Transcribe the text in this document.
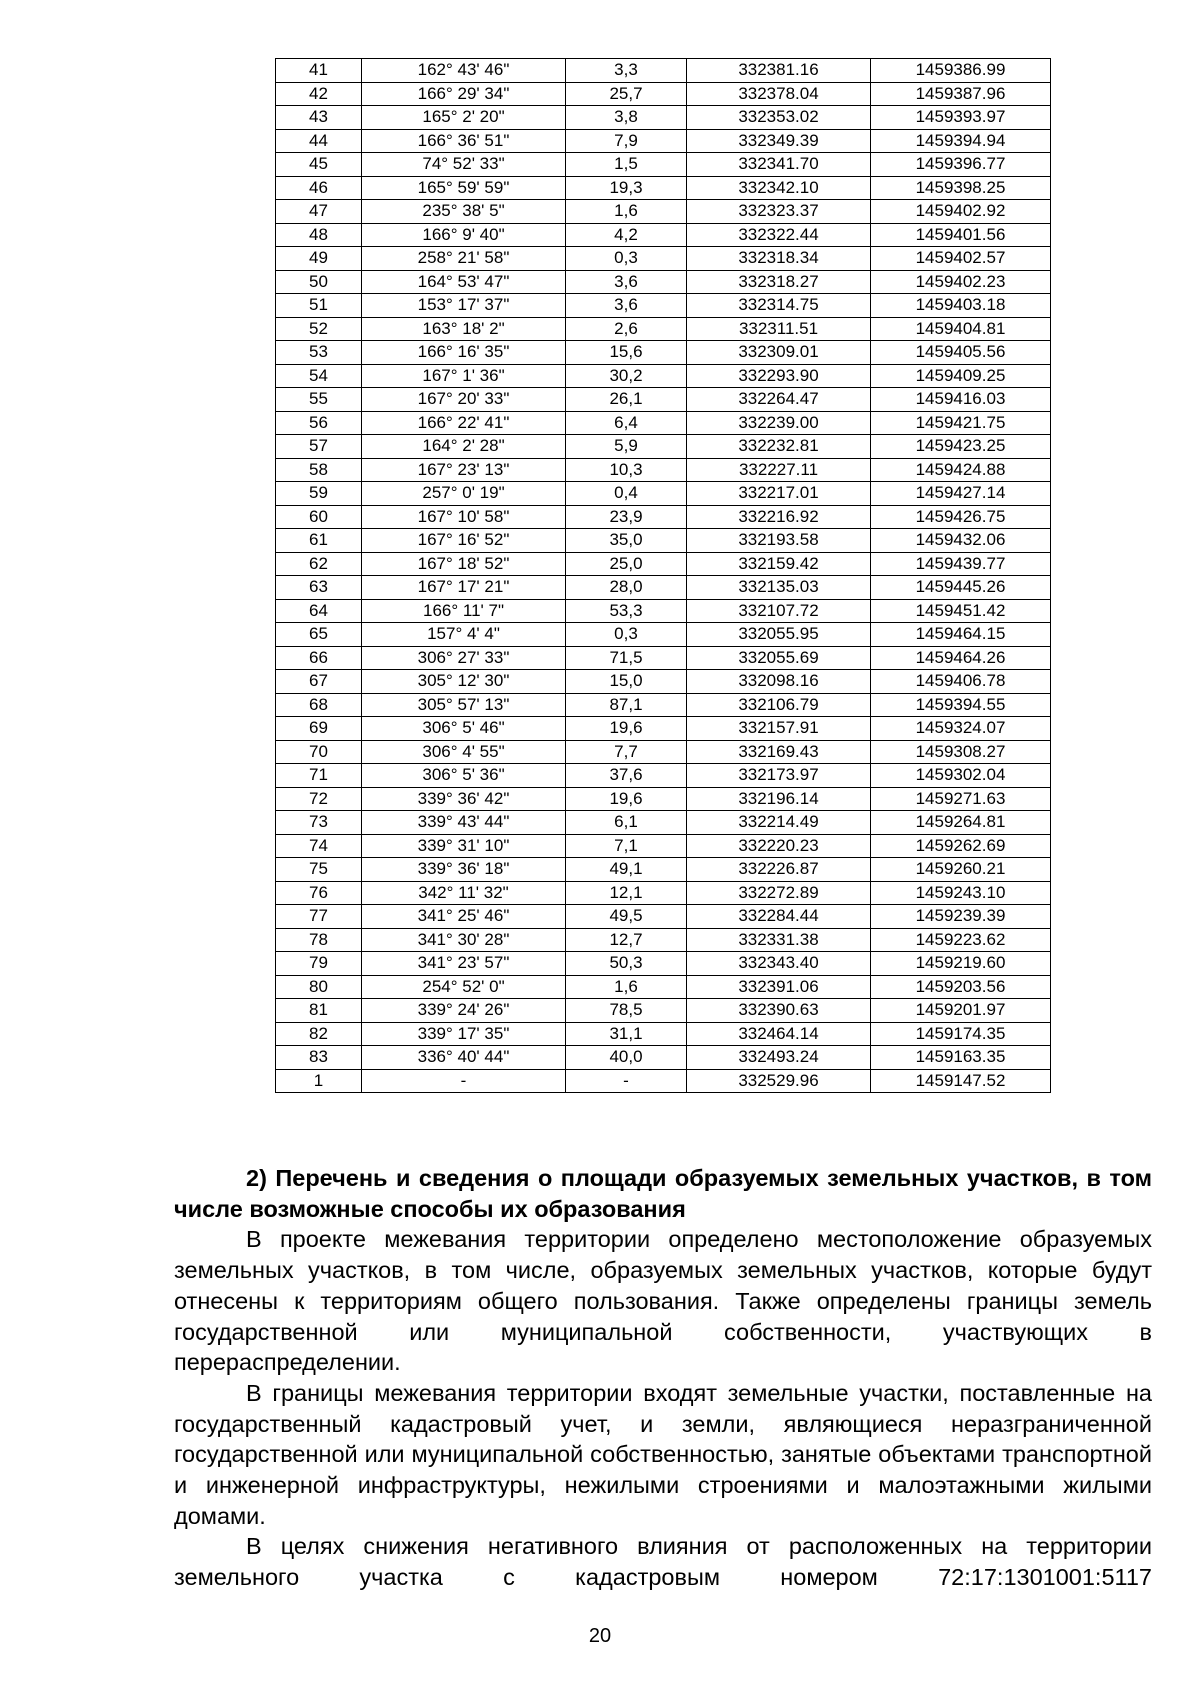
41	162° 43' 46"	3,3	332381.16	1459386.99
42	166° 29' 34"	25,7	332378.04	1459387.96
43	165° 2' 20"	3,8	332353.02	1459393.97
44	166° 36' 51"	7,9	332349.39	1459394.94
45	74° 52' 33"	1,5	332341.70	1459396.77
46	165° 59' 59"	19,3	332342.10	1459398.25
47	235° 38' 5"	1,6	332323.37	1459402.92
48	166° 9' 40"	4,2	332322.44	1459401.56
49	258° 21' 58"	0,3	332318.34	1459402.57
50	164° 53' 47"	3,6	332318.27	1459402.23
51	153° 17' 37"	3,6	332314.75	1459403.18
52	163° 18' 2"	2,6	332311.51	1459404.81
53	166° 16' 35"	15,6	332309.01	1459405.56
54	167° 1' 36"	30,2	332293.90	1459409.25
55	167° 20' 33"	26,1	332264.47	1459416.03
56	166° 22' 41"	6,4	332239.00	1459421.75
57	164° 2' 28"	5,9	332232.81	1459423.25
58	167° 23' 13"	10,3	332227.11	1459424.88
59	257° 0' 19"	0,4	332217.01	1459427.14
60	167° 10' 58"	23,9	332216.92	1459426.75
61	167° 16' 52"	35,0	332193.58	1459432.06
62	167° 18' 52"	25,0	332159.42	1459439.77
63	167° 17' 21"	28,0	332135.03	1459445.26
64	166° 11' 7"	53,3	332107.72	1459451.42
65	157° 4' 4"	0,3	332055.95	1459464.15
66	306° 27' 33"	71,5	332055.69	1459464.26
67	305° 12' 30"	15,0	332098.16	1459406.78
68	305° 57' 13"	87,1	332106.79	1459394.55
69	306° 5' 46"	19,6	332157.91	1459324.07
70	306° 4' 55"	7,7	332169.43	1459308.27
71	306° 5' 36"	37,6	332173.97	1459302.04
72	339° 36' 42"	19,6	332196.14	1459271.63
73	339° 43' 44"	6,1	332214.49	1459264.81
74	339° 31' 10"	7,1	332220.23	1459262.69
75	339° 36' 18"	49,1	332226.87	1459260.21
76	342° 11' 32"	12,1	332272.89	1459243.10
77	341° 25' 46"	49,5	332284.44	1459239.39
78	341° 30' 28"	12,7	332331.38	1459223.62
79	341° 23' 57"	50,3	332343.40	1459219.60
80	254° 52' 0"	1,6	332391.06	1459203.56
81	339° 24' 26"	78,5	332390.63	1459201.97
82	339° 17' 35"	31,1	332464.14	1459174.35
83	336° 40' 44"	40,0	332493.24	1459163.35
1	-	-	332529.96	1459147.52

2) Перечень и сведения о площади образуемых земельных участков, в том числе возможные способы их образования

В проекте межевания территории определено местоположение образуемых земельных участков, в том числе, образуемых земельных участков, которые будут отнесены к территориям общего пользования. Также определены границы земель государственной или муниципальной собственности, участвующих в перераспределении.

В границы межевания территории входят земельные участки, поставленные на государственный кадастровый учет, и земли, являющиеся неразграниченной государственной или муниципальной собственностью, занятые объектами транспортной и инженерной инфраструктуры, нежилыми строениями и малоэтажными жилыми домами.

В целях снижения негативного влияния от расположенных на территории земельного участка с кадастровым номером 72:17:1301001:5117

20
